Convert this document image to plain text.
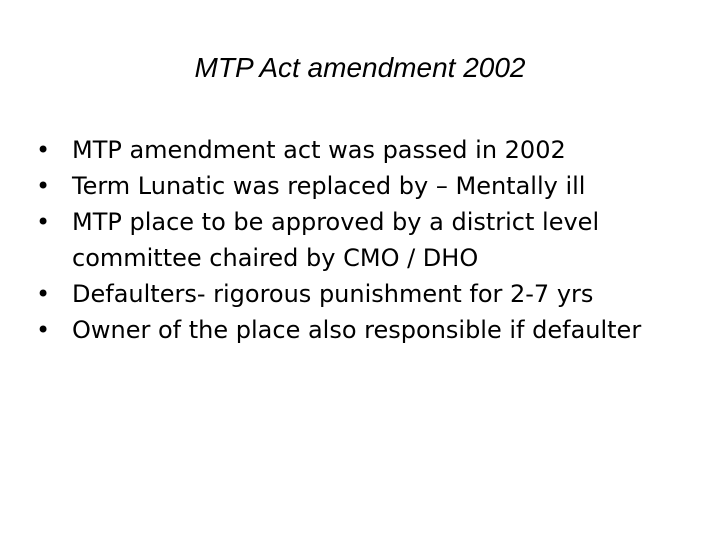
MTP Act amendment 2002
• MTP amendment act was passed in 2002
• Term Lunatic was replaced by – Mentally ill
• MTP place to be approved by a district level committee chaired by CMO / DHO
• Defaulters- rigorous punishment for 2-7 yrs
• Owner of the place also responsible if defaulter
